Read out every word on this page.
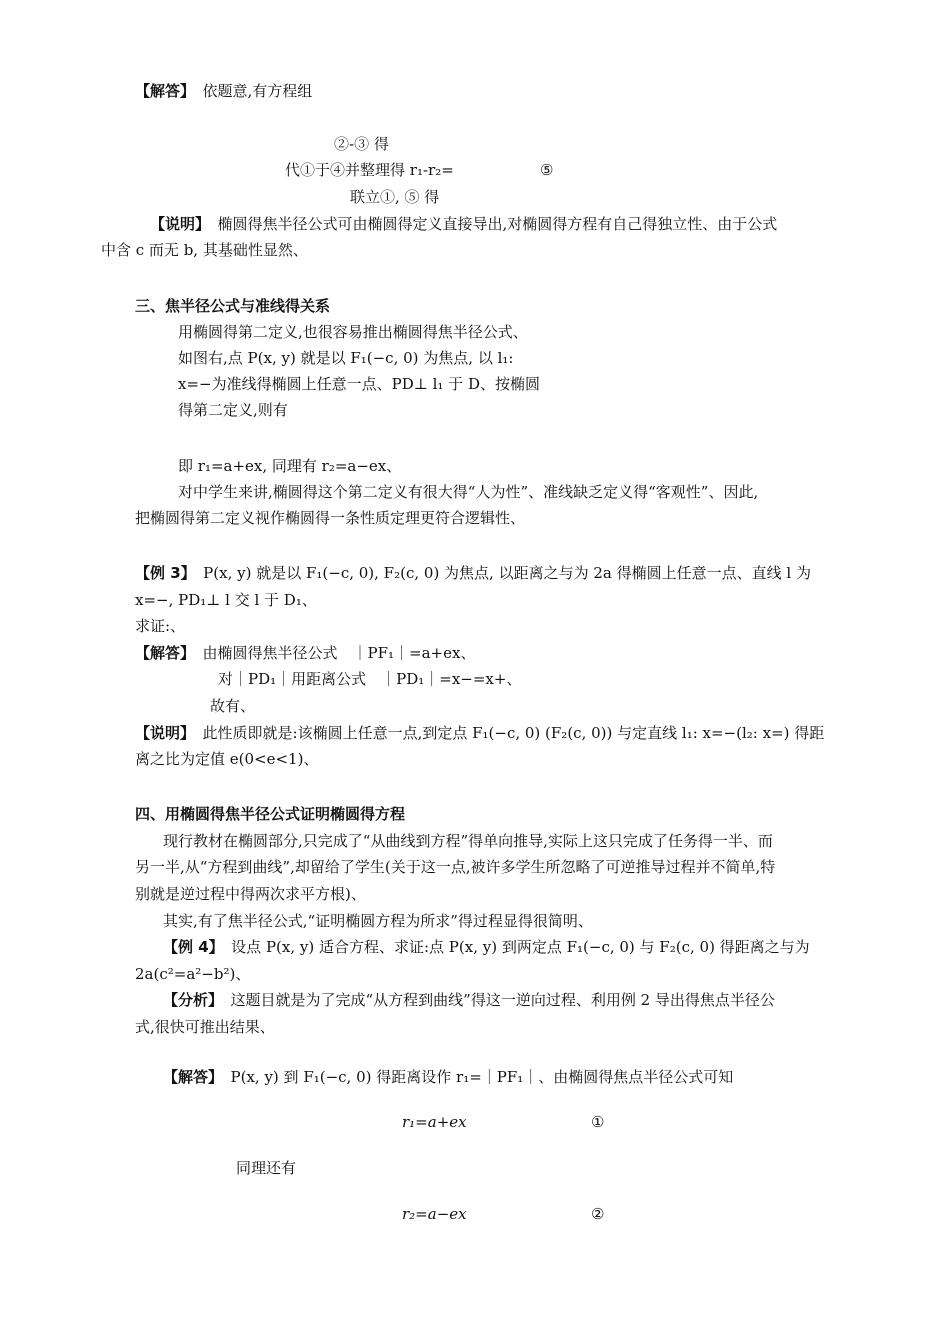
【解答】　依题意,有方程组
②-③ 得
代①于④并整理得 r₁-r₂=	⑤
联立①, ⑤ 得
【说明】　椭圆得焦半径公式可由椭圆得定义直接导出,对椭圆得方程有自己得独立性、由于公式
中含 c 而无 b, 其基础性显然、
三、焦半径公式与准线得关系
用椭圆得第二定义,也很容易推出椭圆得焦半径公式、
如图右,点 P(x, y) 就是以 F₁(−c, 0) 为焦点, 以 l₁:
x=−为准线得椭圆上任意一点、PD⊥ l₁ 于 D、按椭圆
得第二定义,则有
即 r₁=a+ex, 同理有 r₂=a−ex、
对中学生来讲,椭圆得这个第二定义有很大得“人为性”、准线缺乏定义得“客观性”、因此,
把椭圆得第二定义视作椭圆得一条性质定理更符合逻辑性、
【例 3】　P(x, y) 就是以 F₁(−c, 0), F₂(c, 0) 为焦点, 以距离之与为 2a 得椭圆上任意一点、直线 l 为
x=−, PD₁⊥ l 交 l 于 D₁、
求证:、
【解答】　由椭圆得焦半径公式　｜PF₁｜=a+ex、
对｜PD₁｜用距离公式　｜PD₁｜=x−=x+、
故有、
【说明】　此性质即就是:该椭圆上任意一点,到定点 F₁(−c, 0) (F₂(c, 0)) 与定直线 l₁: x=−(l₂: x=) 得距
离之比为定值 e(0<e<1)、
四、用椭圆得焦半径公式证明椭圆得方程
现行教材在椭圆部分,只完成了“从曲线到方程”得单向推导,实际上这只完成了任务得一半、而
另一半,从“方程到曲线”,却留给了学生(关于这一点,被许多学生所忽略了可逆推导过程并不简单,特
别就是逆过程中得两次求平方根)、
其实,有了焦半径公式,“证明椭圆方程为所求”得过程显得很简明、
【例 4】　设点 P(x, y) 适合方程、求证:点 P(x, y) 到两定点 F₁(−c, 0) 与 F₂(c, 0) 得距离之与为
2a(c²=a²−b²)、
【分析】　这题目就是为了完成“从方程到曲线”得这一逆向过程、利用例 2 导出得焦点半径公
式,很快可推出结果、
【解答】　P(x, y) 到 F₁(−c, 0) 得距离设作 r₁=｜PF₁｜、由椭圆得焦点半径公式可知
r₁=a+ex	①
同理还有
r₂=a−ex	②
